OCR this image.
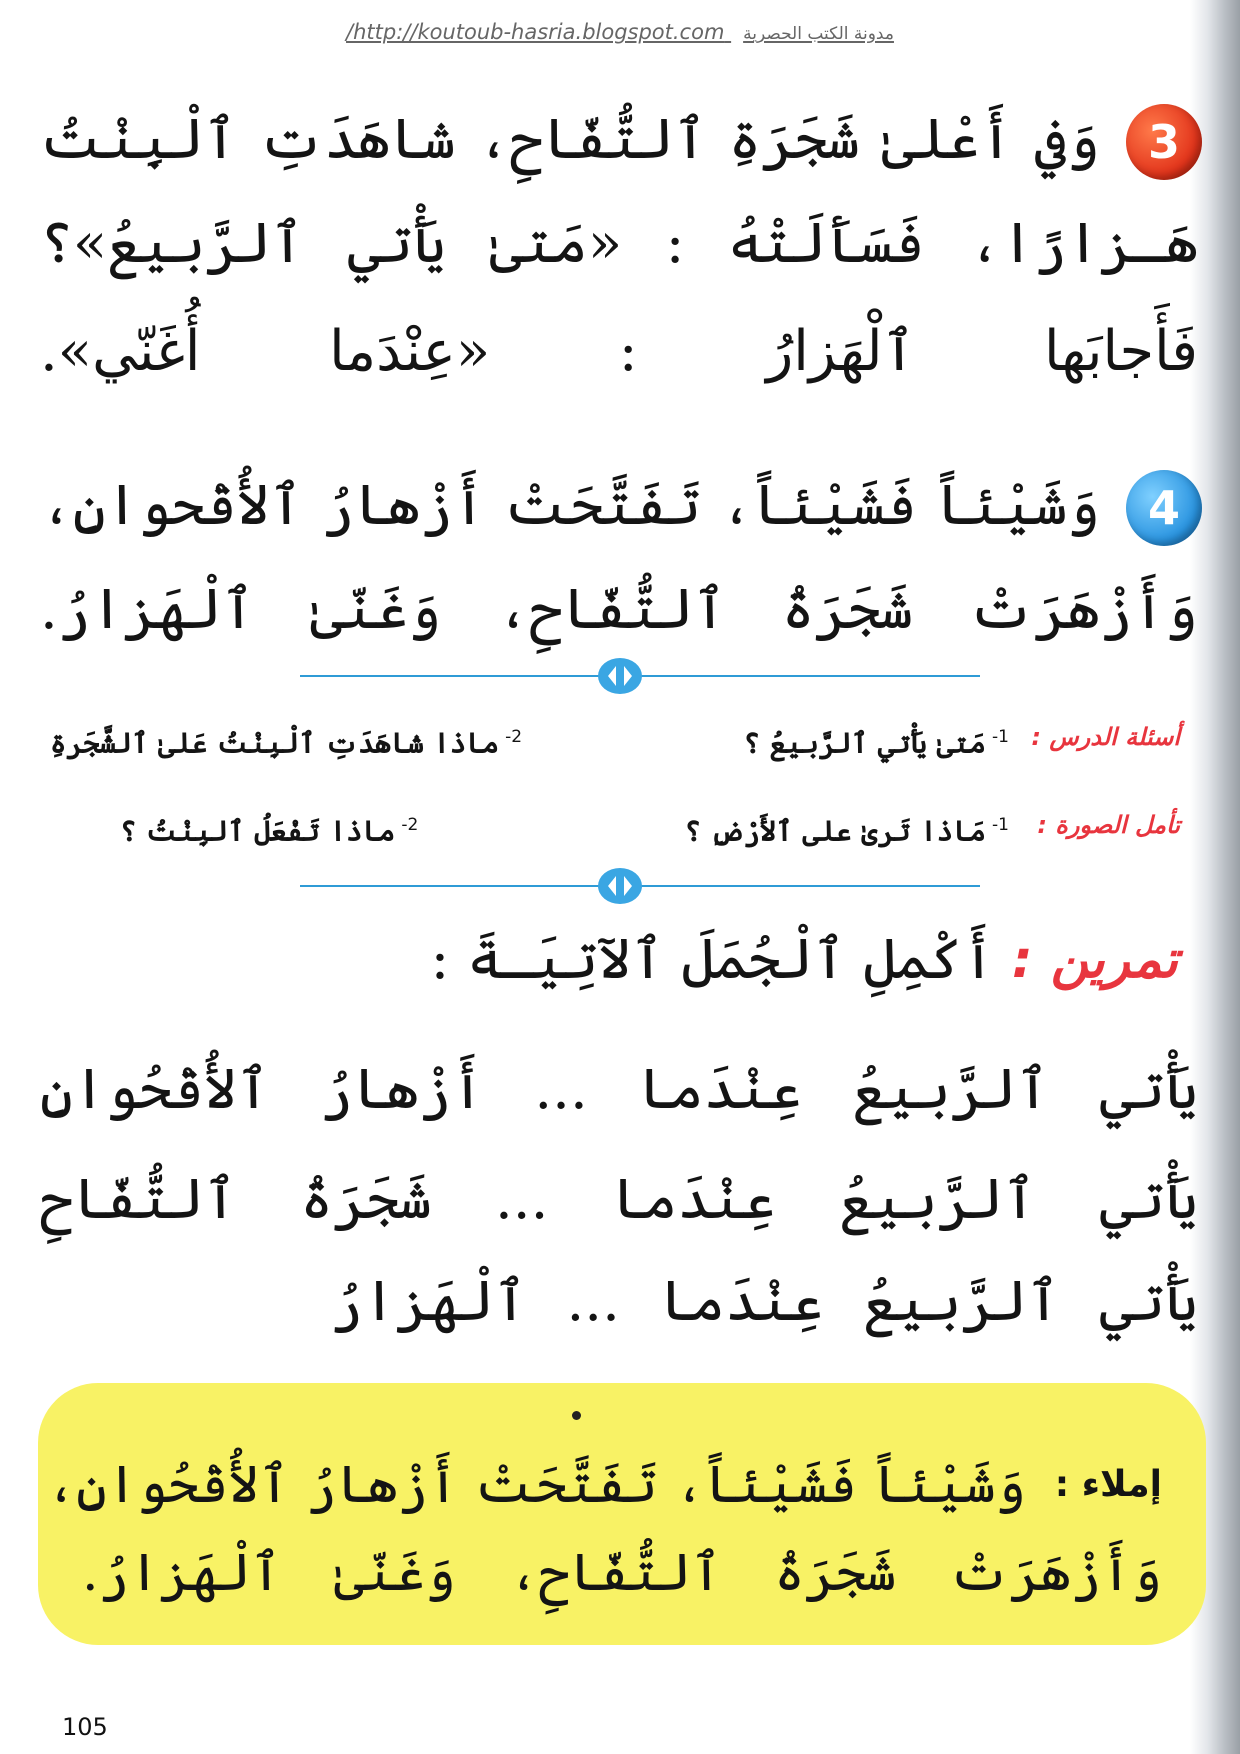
/http://koutoub-hasria.blogspot.com مدونة الكتب الحصرية
3
وَفي أَعْلىٰ شَجَرَةِ ٱلتُّفّاحِ، شاهَدَتِ ٱلْبِنْتُ
هَـزارًا، فَسَأَلَتْهُ : «مَتىٰ يَأْتي ٱلرَّبيعُ»؟
فَأَجابَها ٱلْهَزارُ : «عِنْدَما أُغَنّي».
4
وَشَيْئاً فَشَيْئاً، تَفَتَّحَتْ أَزْهارُ ٱلأُقْحوانِ،
وَأَزْهَرَتْ شَجَرَةُ ٱلتُّفّاحِ، وَغَنّىٰ ٱلْهَزارُ.
أسئلة الدرس :
$^{1-}$مَتىٰ يَأْتي ٱلرَّبيعُ ؟
$^{2-}$ماذا شاهَدَتِ ٱلْبِنْتُ عَلىٰ ٱلشَّجَرةِ
تأمل الصورة :
$^{1-}$مَاذا تَرىٰ على ٱلأَرْضِ ؟
$^{2-}$ماذا تَفْعَلُ ٱلبِنْتُ ؟
تمرين :
أَكْمِلِ ٱلْجُمَلَ ٱلآتِيَـةَ :
يَأْتي ٱلرَّبيعُ عِنْدَما ... أَزْهارُ ٱلأُقْحُوانِ
يَأْتي ٱلرَّبيعُ عِنْدَما ... شَجَرَةُ ٱلتُّفّاحِ
يَأْتي ٱلرَّبيعُ عِنْدَما ... ٱلْهَزارُ
إملاء :
وَشَيْئاً فَشَيْئاً، تَفَتَّحَتْ أَزْهارُ ٱلأُقْحُوانِ،
وَأَزْهَرَتْ شَجَرَةُ ٱلتُّفّاحِ، وَغَنّىٰ ٱلْهَزارُ.
105
